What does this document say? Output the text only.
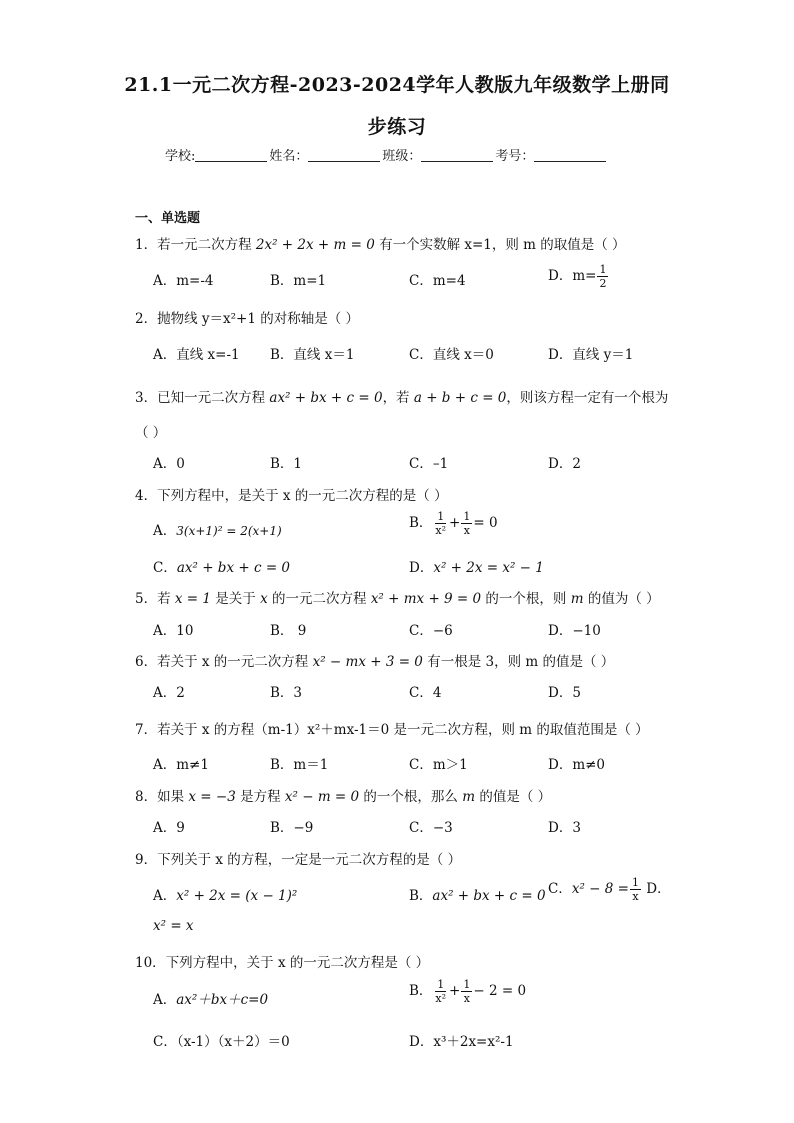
21.1一元二次方程-2023-2024学年人教版九年级数学上册同
步练习
学校:	姓名：	班级：	考号：
一、单选题
1．若一元二次方程 2x² + 2x + m = 0 有一个实数解 x=1，则 m 的取值是（ ）
A．m=-4	B．m=1	C．m=4	D．$m= \frac{1}{2}$
2．抛物线 y＝x²+1 的对称轴是（ ）
A．直线 x=-1 B．直线 x＝1	C．直线 x＝0	D．直线 y＝1
3．已知一元二次方程 ax² + bx + c = 0，若 a + b + c = 0，则该方程一定有一个根为
（ ）
A．0	B．1	C．–1	D．2
4．下列方程中，是关于 x 的一元二次方程的是（ ）
A．3(x+1)² = 2(x+1)	B． $\frac{1}{\text{x²}} + \frac{1}{x} = 0$
C．ax² + bx + c = 0	D．x² + 2x = x² − 1
5．若 x = 1 是关于 x 的一元二次方程 x² + mx + 9 = 0 的一个根，则 m 的值为（ ）
A．10	B． 9	C．−6	D．−10
6．若关于 x 的一元二次方程 x² − mx + 3 = 0 有一根是 3，则 m 的值是（ ）
A．2	B．3	C．4	D．5
7．若关于 x 的方程（m-1）x²＋mx-1＝0 是一元二次方程，则 m 的取值范围是（ ）
A．m≠1	B．m＝1	C．m＞1	D．m≠0
8．如果 x = −3 是方程 x² − m = 0 的一个根，那么 m 的值是（ ）
A．9	B．−9	C．−3	D．3
9．下列关于 x 的方程，一定是一元二次方程的是（ ）
A．x² + 2x = (x − 1)²	B．ax² + bx + c = 0 C．$x^2 - 8 = \frac{1}{x}$ D．
x² = x
10．下列方程中，关于 x 的一元二次方程是（ ）
A．ax²＋bx＋c=0
B． $\frac{1}{\text{x²}} + \frac{1}{x} - 2 = 0$
C．（x-1）（x＋2）＝0	D．x³＋2x=x²-1
